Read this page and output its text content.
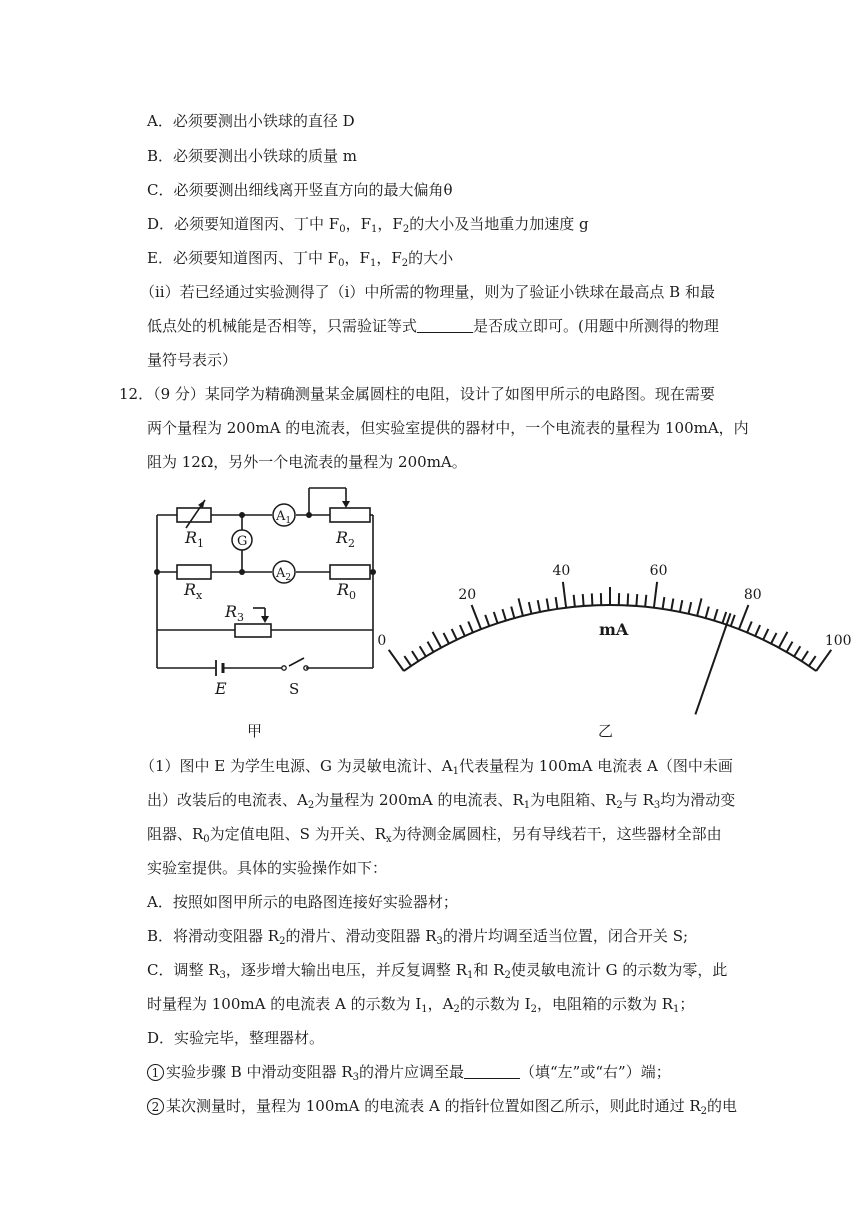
A．必须要测出小铁球的直径 D
B．必须要测出小铁球的质量 m
C．必须要测出细线离开竖直方向的最大偏角θ
D．必须要知道图丙、丁中 $F_0$，$F_1$，$F_2$的大小及当地重力加速度 g
E．必须要知道图丙、丁中 $F_0$，$F_1$，$F_2$的大小
（ii）若已经通过实验测得了（i）中所需的物理量，则为了验证小铁球在最高点 B 和最
低点处的机械能是否相等，只需验证等式	是否成立即可。(用题中所测得的物理
量符号表示）
12．（9 分）某同学为精确测量某金属圆柱的电阻，设计了如图甲所示的电路图。现在需要
两个量程为 200mA 的电流表，但实验室提供的器材中，一个电流表的量程为 100mA，内
阻为 12Ω，另外一个电流表的量程为 200mA。
$A_1$
$A_2$
G
$R_1$	$R_2$
$R_x$	$R_0$
$R_3$
E	S
甲
0
20
40	60
80
100
mA
乙
（1）图中 E 为学生电源、G 为灵敏电流计、$A_1$代表量程为 100mA 电流表 A（图中未画
出）改装后的电流表、$A_2$为量程为 200mA 的电流表、$R_1$为电阻箱、$R_2$与 $R_3$均为滑动变
阻器、$R_0$为定值电阻、S 为开关、$R_x$为待测金属圆柱，另有导线若干，这些器材全部由
实验室提供。具体的实验操作如下：
A．按照如图甲所示的电路图连接好实验器材；
B．将滑动变阻器 $R_2$的滑片、滑动变阻器 $R_3$的滑片均调至适当位置，闭合开关 S;
C．调整 $R_3$，逐步增大输出电压，并反复调整 $R_1$和 $R_2$使灵敏电流计 G 的示数为零，此
时量程为 100mA 的电流表 A 的示数为 $I_1$，$A_2$的示数为 $I_2$，电阻箱的示数为 $R_1$；
D．实验完毕，整理器材。
1 实验步骤 B 中滑动变阻器 $R_3$的滑片应调至最	（填“左”或“右”）端；
2 某次测量时，量程为 100mA 的电流表 A 的指针位置如图乙所示，则此时通过 $R_2$的电
